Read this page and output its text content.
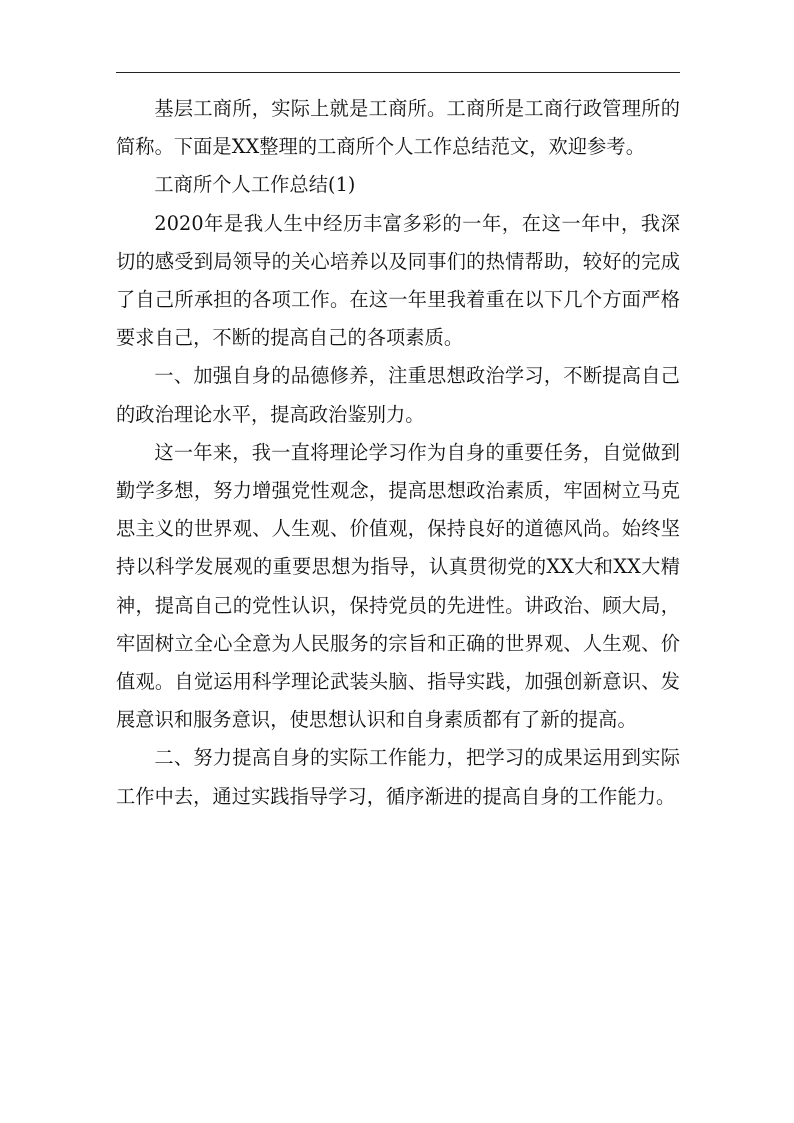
基层工商所，实际上就是工商所。工商所是工商行政管理所的简称。下面是XX整理的工商所个人工作总结范文，欢迎参考。

工商所个人工作总结(1)

2020年是我人生中经历丰富多彩的一年，在这一年中，我深切的感受到局领导的关心培养以及同事们的热情帮助，较好的完成了自己所承担的各项工作。在这一年里我着重在以下几个方面严格要求自己，不断的提高自己的各项素质。

一、加强自身的品德修养，注重思想政治学习，不断提高自己的政治理论水平，提高政治鉴别力。

这一年来，我一直将理论学习作为自身的重要任务，自觉做到勤学多想，努力增强党性观念，提高思想政治素质，牢固树立马克思主义的世界观、人生观、价值观，保持良好的道德风尚。始终坚持以科学发展观的重要思想为指导，认真贯彻党的XX大和XX大精神，提高自己的党性认识，保持党员的先进性。讲政治、顾大局，牢固树立全心全意为人民服务的宗旨和正确的世界观、人生观、价值观。自觉运用科学理论武装头脑、指导实践，加强创新意识、发展意识和服务意识，使思想认识和自身素质都有了新的提高。

二、努力提高自身的实际工作能力，把学习的成果运用到实际工作中去，通过实践指导学习，循序渐进的提高自身的工作能力。
